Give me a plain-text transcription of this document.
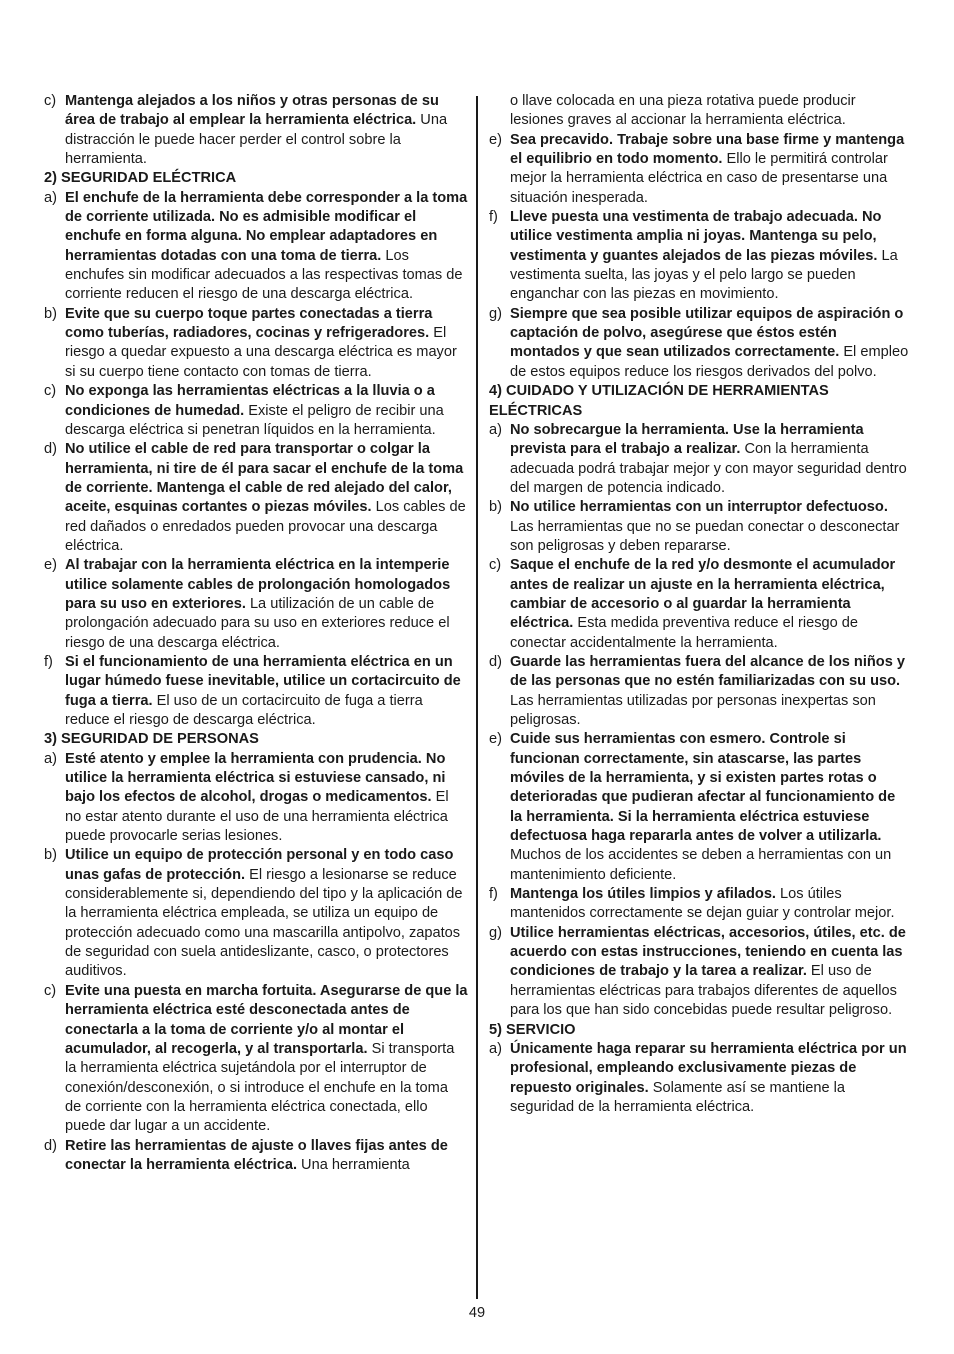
c) Mantenga alejados a los niños y otras personas de su área de trabajo al emplear la herramienta eléctrica. Una distracción le puede hacer perder el control sobre la herramienta.

2) SEGURIDAD ELÉCTRICA

a) El enchufe de la herramienta debe corresponder a la toma de corriente utilizada. No es admisible modificar el enchufe en forma alguna. No emplear adaptadores en herramientas dotadas con una toma de tierra. Los enchufes sin modificar adecuados a las respectivas tomas de corriente reducen el riesgo de una descarga eléctrica.

b) Evite que su cuerpo toque partes conectadas a tierra como tuberías, radiadores, cocinas y refrigeradores. El riesgo a quedar expuesto a una descarga eléctrica es mayor si su cuerpo tiene contacto con tomas de tierra.

c) No exponga las herramientas eléctricas a la lluvia o a condiciones de humedad. Existe el peligro de recibir una descarga eléctrica si penetran líquidos en la herramienta.

d) No utilice el cable de red para transportar o colgar la herramienta, ni tire de él para sacar el enchufe de la toma de corriente. Mantenga el cable de red alejado del calor, aceite, esquinas cortantes o piezas móviles. Los cables de red dañados o enredados pueden provocar una descarga eléctrica.

e) Al trabajar con la herramienta eléctrica en la intemperie utilice solamente cables de prolongación homologados para su uso en exteriores. La utilización de un cable de prolongación adecuado para su uso en exteriores reduce el riesgo de una descarga eléctrica.

f) Si el funcionamiento de una herramienta eléctrica en un lugar húmedo fuese inevitable, utilice un cortacircuito de fuga a tierra. El uso de un cortacircuito de fuga a tierra reduce el riesgo de descarga eléctrica.

3) SEGURIDAD DE PERSONAS

a) Esté atento y emplee la herramienta con prudencia. No utilice la herramienta eléctrica si estuviese cansado, ni bajo los efectos de alcohol, drogas o medicamentos. El no estar atento durante el uso de una herramienta eléctrica puede provocarle serias lesiones.

b) Utilice un equipo de protección personal y en todo caso unas gafas de protección. El riesgo a lesionarse se reduce considerablemente si, dependiendo del tipo y la aplicación de la herramienta eléctrica empleada, se utiliza un equipo de protección adecuado como una mascarilla antipolvo, zapatos de seguridad con suela antideslizante, casco, o protectores auditivos.

c) Evite una puesta en marcha fortuita. Asegurarse de que la herramienta eléctrica esté desconectada antes de conectarla a la toma de corriente y/o al montar el acumulador, al recogerla, y al transportarla. Si transporta la herramienta eléctrica sujetándola por el interruptor de conexión/desconexión, o si introduce el enchufe en la toma de corriente con la herramienta eléctrica conectada, ello puede dar lugar a un accidente.

d) Retire las herramientas de ajuste o llaves fijas antes de conectar la herramienta eléctrica. Una herramienta

o llave colocada en una pieza rotativa puede producir lesiones graves al accionar la herramienta eléctrica.

e) Sea precavido. Trabaje sobre una base firme y mantenga el equilibrio en todo momento. Ello le permitirá controlar mejor la herramienta eléctrica en caso de presentarse una situación inesperada.

f) Lleve puesta una vestimenta de trabajo adecuada. No utilice vestimenta amplia ni joyas. Mantenga su pelo, vestimenta y guantes alejados de las piezas móviles. La vestimenta suelta, las joyas y el pelo largo se pueden enganchar con las piezas en movimiento.

g) Siempre que sea posible utilizar equipos de aspiración o captación de polvo, asegúrese que éstos estén montados y que sean utilizados correctamente. El empleo de estos equipos reduce los riesgos derivados del polvo.

4) CUIDADO Y UTILIZACIÓN DE HERRAMIENTAS ELÉCTRICAS

a) No sobrecargue la herramienta. Use la herramienta prevista para el trabajo a realizar. Con la herramienta adecuada podrá trabajar mejor y con mayor seguridad dentro del margen de potencia indicado.

b) No utilice herramientas con un interruptor defectuoso. Las herramientas que no se puedan conectar o desconectar son peligrosas y deben repararse.

c) Saque el enchufe de la red y/o desmonte el acumulador antes de realizar un ajuste en la herramienta eléctrica, cambiar de accesorio o al guardar la herramienta eléctrica. Esta medida preventiva reduce el riesgo de conectar accidentalmente la herramienta.

d) Guarde las herramientas fuera del alcance de los niños y de las personas que no estén familiarizadas con su uso. Las herramientas utilizadas por personas inexpertas son peligrosas.

e) Cuide sus herramientas con esmero. Controle si funcionan correctamente, sin atascarse, las partes móviles de la herramienta, y si existen partes rotas o deterioradas que pudieran afectar al funcionamiento de la herramienta. Si la herramienta eléctrica estuviese defectuosa haga repararla antes de volver a utilizarla. Muchos de los accidentes se deben a herramientas con un mantenimiento deficiente.

f) Mantenga los útiles limpios y afilados. Los útiles mantenidos correctamente se dejan guiar y controlar mejor.

g) Utilice herramientas eléctricas, accesorios, útiles, etc. de acuerdo con estas instrucciones, teniendo en cuenta las condiciones de trabajo y la tarea a realizar. El uso de herramientas eléctricas para trabajos diferentes de aquellos para los que han sido concebidas puede resultar peligroso.

5) SERVICIO

a) Únicamente haga reparar su herramienta eléctrica por un profesional, empleando exclusivamente piezas de repuesto originales. Solamente así se mantiene la seguridad de la herramienta eléctrica.

49
